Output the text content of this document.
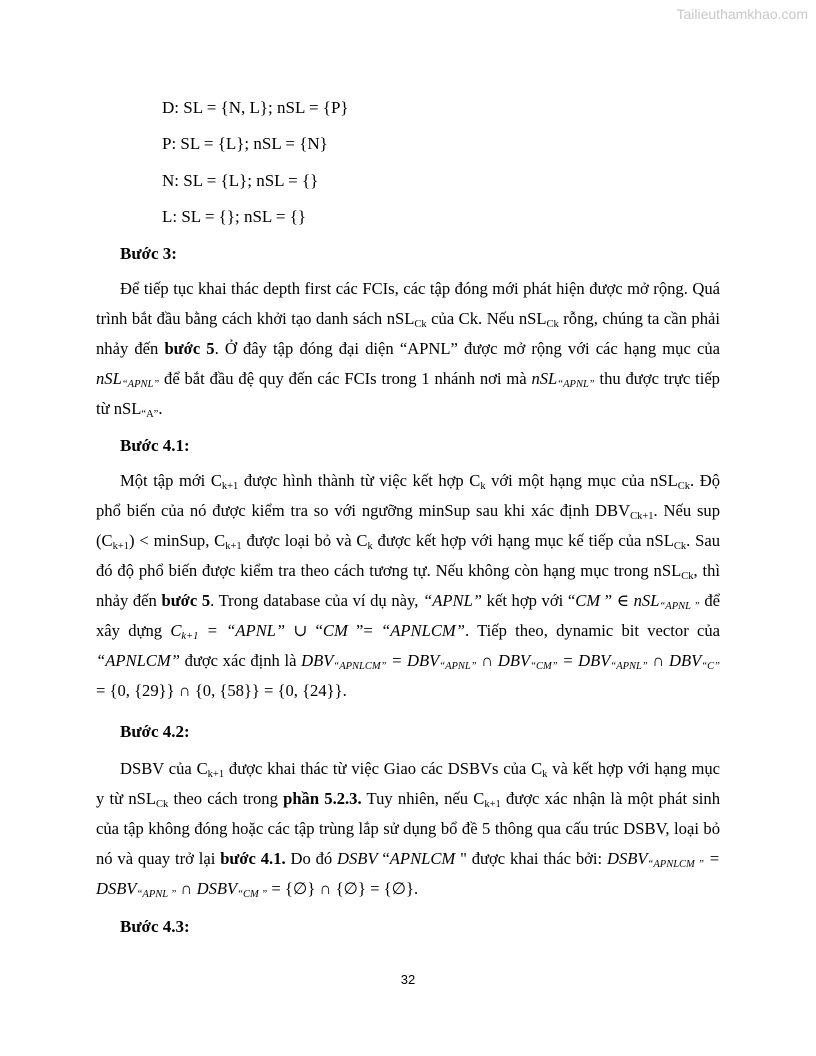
Tailieuthamkhao.com
D: SL = {N, L}; nSL = {P}
P: SL = {L}; nSL = {N}
N: SL = {L}; nSL = {}
L: SL = {}; nSL = {}
Bước 3:

Để tiếp tục khai thác depth first các FCIs, các tập đóng mới phát hiện được mở rộng. Quá trình bắt đầu bằng cách khởi tạo danh sách nSL$_{Ck}$ của Ck. Nếu nSL$_{Ck}$ rỗng, chúng ta cần phải nhảy đến bước 5. Ở đây tập đóng đại diện “APNL” được mở rộng với các hạng mục của nSL$_{“APNL”}$ để bắt đầu đệ quy đến các FCIs trong 1 nhánh nơi mà nSL$_{“APNL”}$ thu được trực tiếp từ nSL$_{“A”}$.

Bước 4.1:

Một tập mới $C_{k+1}$ được hình thành từ việc kết hợp $C_k$ với một hạng mục của nSL$_{Ck}$. Độ phổ biến của nó được kiểm tra so với ngưỡng minSup sau khi xác định $DBV_{Ck+1}$. Nếu sup $(C_{k+1})$ < minSup, $C_{k+1}$ được loại bỏ và $C_k$ được kết hợp với hạng mục kế tiếp của nSL$_{Ck}$. Sau đó độ phổ biến được kiểm tra theo cách tương tự. Nếu không còn hạng mục trong nSL$_{Ck}$, thì nhảy đến bước 5. Trong database của ví dụ này, “APNL” kết hợp với “CM ” ∈ nSL$_{“APNL ”}$ để xây dựng $C_{k+1}$ = “APNL” ∪ “CM ”= “APNLCM”. Tiếp theo, dynamic bit vector của “APNLCM” được xác định là $DBV_{“APNLCM”} = DBV_{“APNL”}$ ∩ $DBV_{“CM”} = DBV_{“APNL”}$ ∩ $DBV_{“C”} = \{0$, {29}} ∩ {0, {58}} = {0, {24}}.

Bước 4.2:

DSBV của $C_{k+1}$ được khai thác từ việc Giao các DSBVs của $C_k$ và kết hợp với hạng mục y từ nSL$_{Ck}$ theo cách trong phần 5.2.3. Tuy nhiên, nếu $C_{k+1}$ được xác nhận là một phát sinh của tập không đóng hoặc các tập trùng lắp sử dụng bổ đề 5 thông qua cấu trúc DSBV, loại bỏ nó và quay trở lại bước 4.1. Do đó DSBV “APNLCM " được khai thác bởi: $DSBV_{“APNLCM ”}$ = $DSBV_{“APNL ”}$ ∩ $DSBV_{“CM ”}$ = {∅} ∩ {∅} = {∅}.

Bước 4.3:
32
